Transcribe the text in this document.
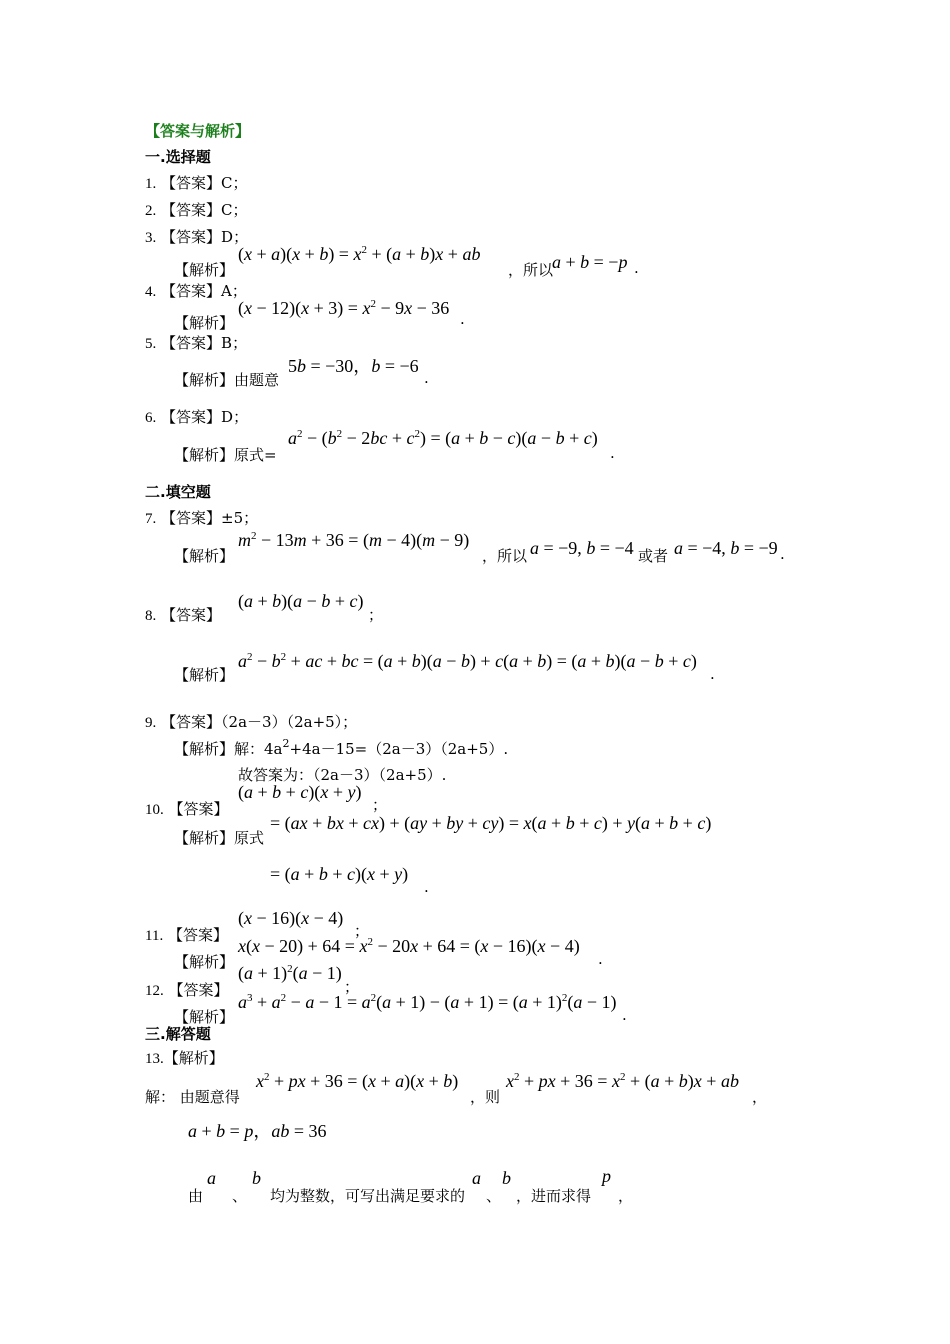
【答案与解析】
一.选择题
1. 【答案】C；
2. 【答案】C；
3. 【答案】D；
【解析】
$(x + a)(x + b) = x^2 + (a + b)x$ + ab
，所以
a + b = −p .
4. 【答案】A；
【解析】
$(x - 12)(x + 3) = x^2 - 9x - 36$
.
5. 【答案】B；
【解析】由题意
5b = −30，b = −6
.
6. 【答案】D；
【解析】原式=
$a^2 - (b^2 - 2bc + c^2) = (a + b - c)(a - b + c)$
.
二.填空题
7. 【答案】±5；
【解析】
$m^2 - 13m + 36 = (m - 4)(m - 9)$
，所以 a = −9, b = −4 或者 a = −4, b = −9 .
8. 【答案】
(a + b)(a − b + c)
；
【解析】
$a^2 - b^2$ + ac + bc = (a + b)(a − b) + c(a + b) = (a + b)(a − b + c)
.
9. 【答案】（2a－3）（2a+5）；
【解析】解：$4a^2+4a-15=(2a-3)(2a+5)$.
故答案为：（2a－3）（2a+5）.
10. 【答案】
(a + b + c)(x + y)
；
【解析】原式
= (ax + bx + cx) + (ay + by + cy) = x(a + b + c) + y(a + b + c)
= (a + b + c)(x + y)
.
11. 【答案】
(x − 16)(x − 4)
；
【解析】
$x(x - 20) + 64 = x^2 - 20x + 64 = (x - 16)(x - 4)$
.
12. 【答案】
$(a + 1)^2(a - 1)$
；
【解析】
$a^3 + a^2 - a - 1 = a^2(a + 1) - (a + 1) = (a + 1)^2(a - 1)$
.
三.解答题
13.【解析】
解： 由题意得
$x^2$ + px + 36 = (x + a)(x + b)
，则
$x^2$ + px + $36 = x^2 + (a + b)x$ + ab
，
a + b = p，ab = 36
由
a
、
b
均为整数，可写出满足要求的
a
、
b
，进而求得
p
，
